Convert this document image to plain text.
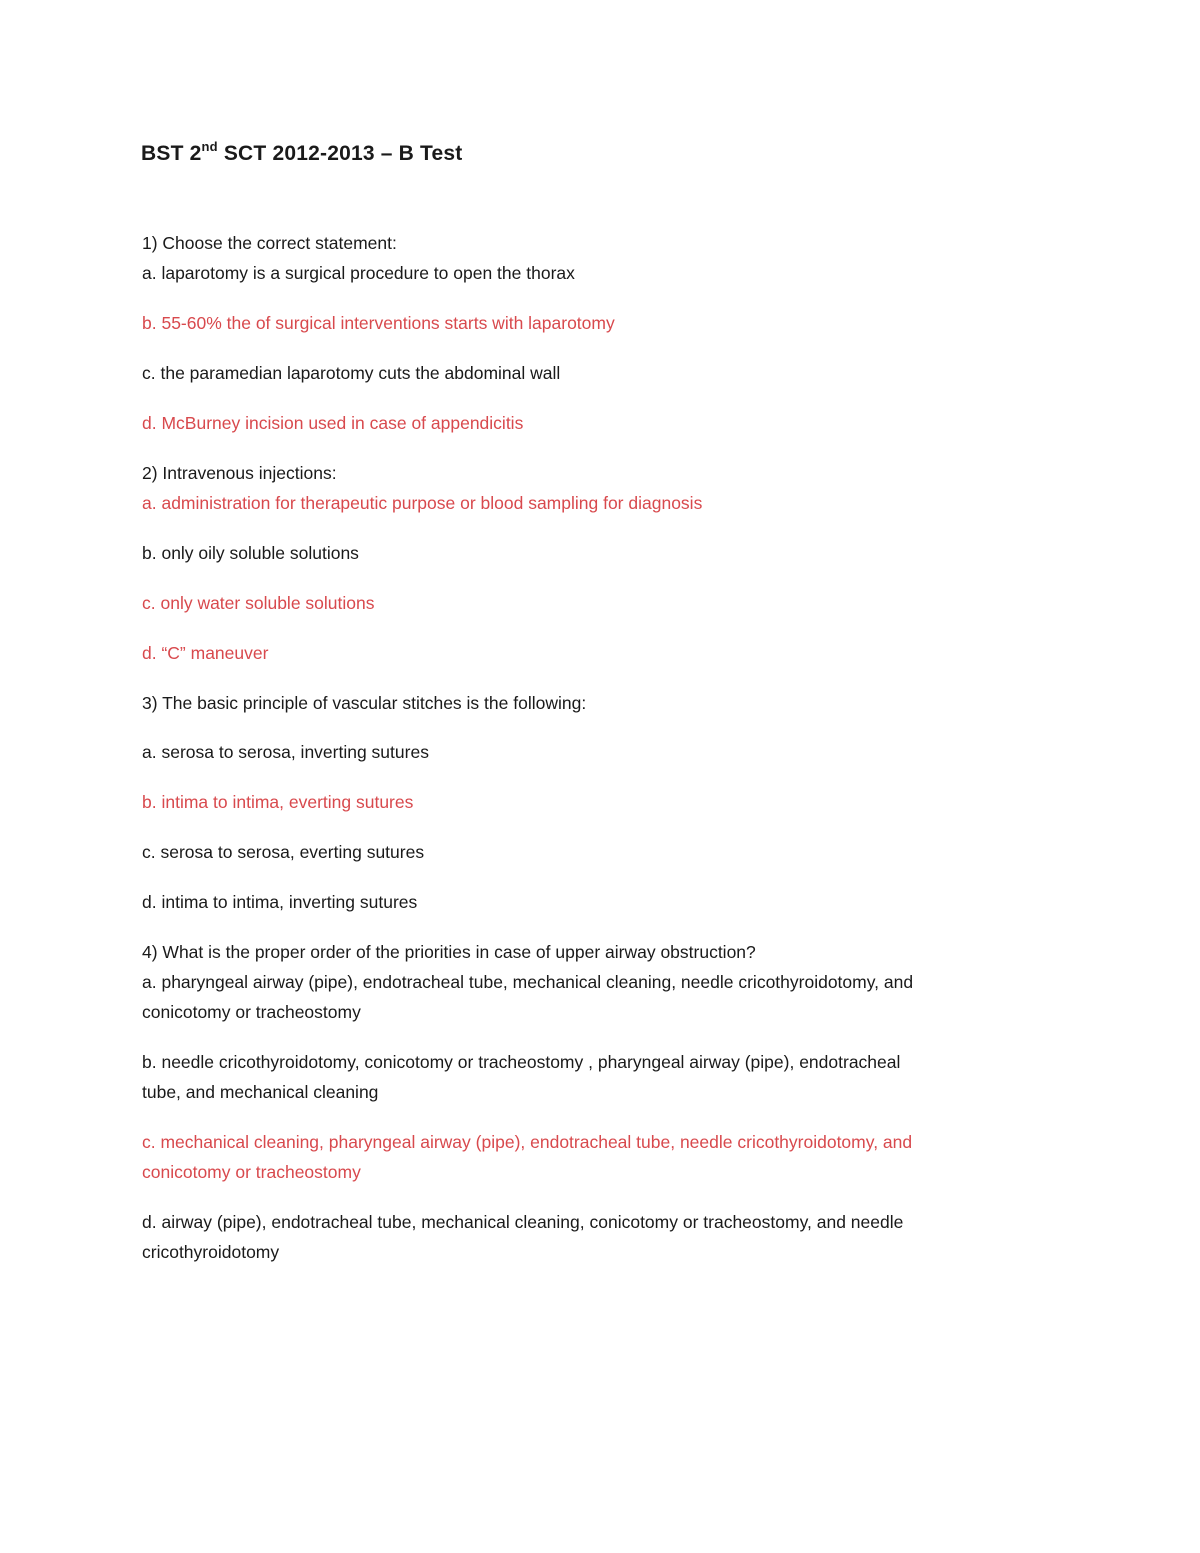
BST 2nd SCT 2012-2013 – B Test
1) Choose the correct statement:
a. laparotomy is a surgical procedure to open the thorax
b. 55-60% the of surgical interventions starts with laparotomy
c. the paramedian laparotomy cuts the abdominal wall
d. McBurney incision used in case of appendicitis
2) Intravenous injections:
a. administration for therapeutic purpose or blood sampling for diagnosis
b. only oily soluble solutions
c. only water soluble solutions
d. “C” maneuver
3) The basic principle of vascular stitches is the following:
a. serosa to serosa, inverting sutures
b. intima to intima, everting sutures
c. serosa to serosa, everting sutures
d. intima to intima, inverting sutures
4) What is the proper order of the priorities in case of upper airway obstruction?
a. pharyngeal airway (pipe), endotracheal tube, mechanical cleaning, needle cricothyroidotomy, and
conicotomy or tracheostomy
b. needle cricothyroidotomy, conicotomy or tracheostomy , pharyngeal airway (pipe), endotracheal
tube, and mechanical cleaning
c. mechanical cleaning, pharyngeal airway (pipe), endotracheal tube, needle cricothyroidotomy, and
conicotomy or tracheostomy
d. airway (pipe), endotracheal tube, mechanical cleaning, conicotomy or tracheostomy, and needle
cricothyroidotomy
